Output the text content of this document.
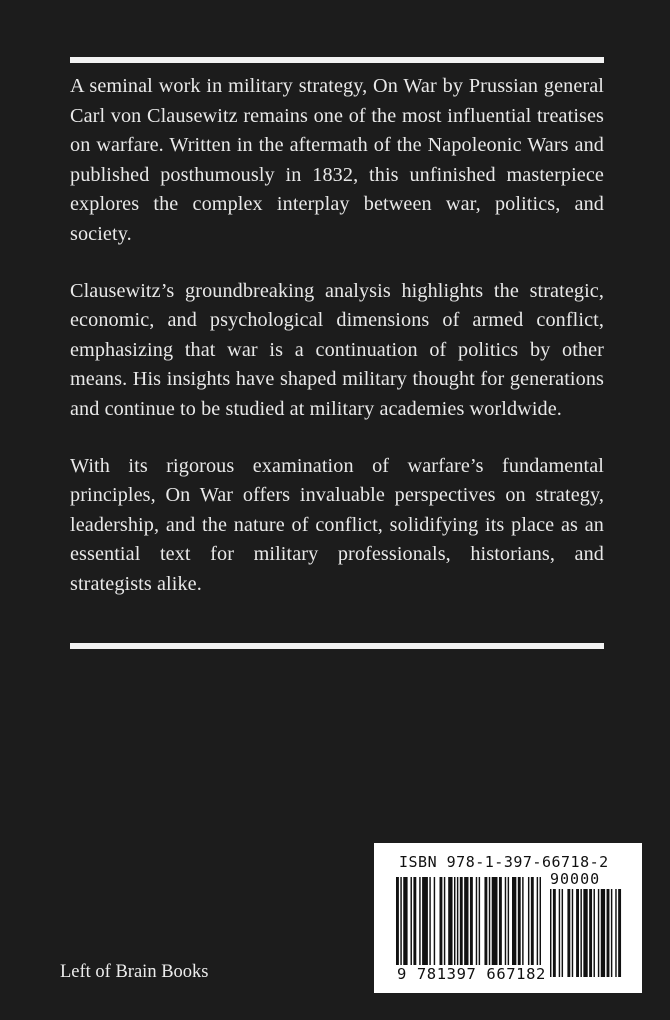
A seminal work in military strategy, On War by Prussian general Carl von Clausewitz remains one of the most influential treatises on warfare. Written in the aftermath of the Napoleonic Wars and published posthumously in 1832, this unfinished masterpiece explores the complex interplay between war, politics, and society.

Clausewitz’s groundbreaking analysis highlights the strategic, economic, and psychological dimensions of armed conflict, emphasizing that war is a continuation of politics by other means. His insights have shaped military thought for generations and continue to be studied at military academies worldwide.

With its rigorous examination of warfare’s fundamental principles, On War offers invaluable perspectives on strategy, leadership, and the nature of conflict, solidifying its place as an essential text for military professionals, historians, and strategists alike.

Left of Brain Books
ISBN 978-1-397-66718-2
90000
9 781397 667182
